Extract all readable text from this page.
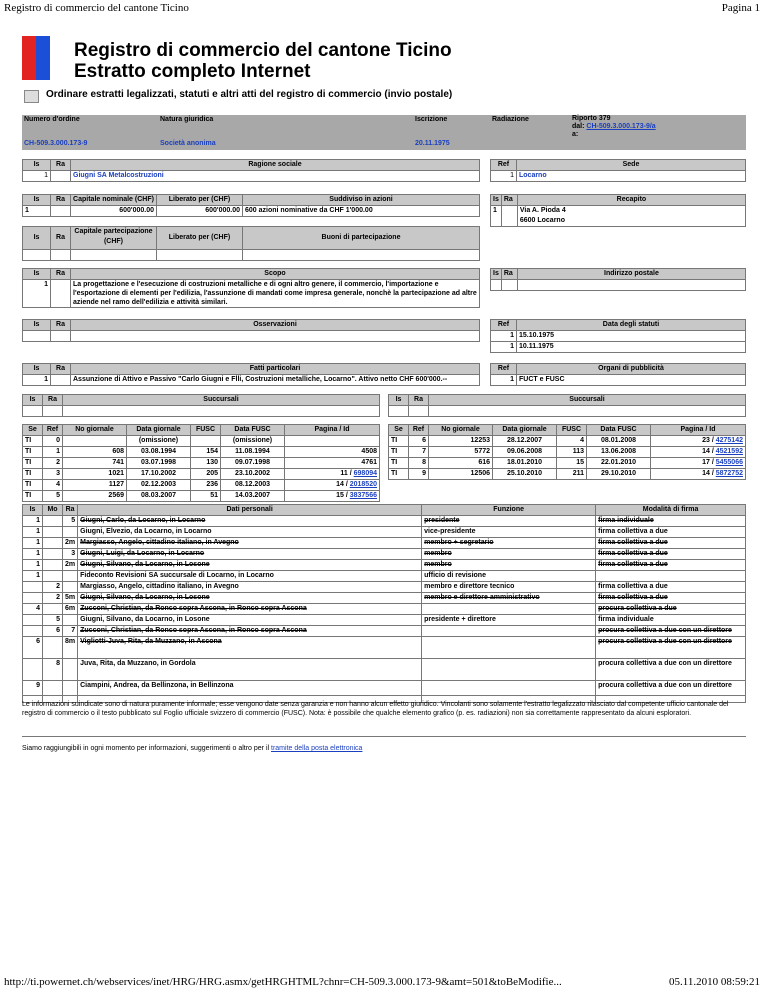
Registro di commercio del cantone Ticino	Pagina 1
Registro di commercio del cantone Ticino
Estratto completo Internet
Ordinare estratti legalizzati, statuti e altri atti del registro di commercio (invio postale)
Numero d'ordine	Natura giuridica	Iscrizione	Radiazione	Riporto 379
dal: CH-509.3.000.173-9/a
a:

CH-509.3.000.173-9	Società anonima	20.11.1975		
Is	Ra	Ragione sociale
1		Giugni SA Metalcostruzioni
Ref	Sede
1	Locarno
Is	Ra	Capitale nominale (CHF)	Liberato per (CHF)	Suddiviso in azioni
1		600'000.00	600'000.00	600 azioni nominative da CHF 1'000.00
Is	Ra	Recapito
1		Via A. Pioda 4
6600 Locarno
Is	Ra	Capitale partecipazione (CHF)	Liberato per (CHF)	Buoni di partecipazione

Is	Ra	Scopo
1		La progettazione e l'esecuzione di costruzioni metalliche e di ogni altro genere, il commercio, l'importazione e l'esportazione di elementi per l'edilizia, l'assunzione di mandati come impresa generale, nonchè la partecipazione ad altre aziende nel ramo dell'edilizia e attività similari.
Is	Ra	Indirizzo postale

Is	Ra	Osservazioni
			Ref	Data degli statuti
1	15.10.1975
1	10.11.1975
Is	Ra	Fatti particolari
1		Assunzione di Attivo e Passivo "Carlo Giugni e Flli, Costruzioni metalliche, Locarno". Attivo netto CHF 600'000.--
Ref	Organi di pubblicità
1	FUCT e FUSC
Is	Ra	Succursali
			Is	Ra	Succursali

Se	Ref	No giornale	Data giornale	FUSC	Data FUSC	Pagina / Id
TI	0		(omissione)		(omissione)	
TI	1	608	03.08.1994	154	11.08.1994	4508
TI	2	741	03.07.1998	130	09.07.1998	4761
TI	3	1021	17.10.2002	205	23.10.2002	11 / 698094
TI	4	1127	02.12.2003	236	08.12.2003	14 / 2018520
TI	5	2569	08.03.2007	51	14.03.2007	15 / 3837566
Se	Ref	No giornale	Data giornale	FUSC	Data FUSC	Pagina / Id
TI	6	12253	28.12.2007	4	08.01.2008	23 / 4275142
TI	7	5772	09.06.2008	113	13.06.2008	14 / 4521592
TI	8	616	18.01.2010	15	22.01.2010	17 / 5455066
TI	9	12506	25.10.2010	211	29.10.2010	14 / 5872752
Is	Mo	Ra	Dati personali	Funzione	Modalità di firma
1		5	Giugni, Carlo, da Locarno, in Locarno	presidente	firma individuale
1			Giugni, Elvezio, da Locarno, in Locarno	vice-presidente	firma collettiva a due
1		2m	Margiasso, Angelo, cittadino italiano, in Avegno	membro + segretario	firma collettiva a due
1		3	Giugni, Luigi, da Locarno, in Locarno	membro	firma collettiva a due
1		2m	Giugni, Silvano, da Locarno, in Losone	membro	firma collettiva a due
1			Fideconto Revisioni SA succursale di Locarno, in Locarno	ufficio di revisione	
	2		Margiasso, Angelo, cittadino italiano, in Avegno	membro e direttore tecnico	firma collettiva a due
	2	5m	Giugni, Silvano, da Locarno, in Losone	membro e direttore amministrativo	firma collettiva a due
4		6m	Zucconi, Christian, da Ronco sopra Ascona, in Ronco sopra Ascona		procura collettiva a due
	5		Giugni, Silvano, da Locarno, in Losone	presidente + direttore	firma individuale
	6	7	Zucconi, Christian, da Ronco sopra Ascona, in Ronco sopra Ascona		procura collettiva a due con un direttore
6		8m	Vigliotti-Juva, Rita, da Muzzano, in Ascona		procura collettiva a due con un direttore
	8		Juva, Rita, da Muzzano, in Gordola		procura collettiva a due con un direttore
9			Ciampini, Andrea, da Bellinzona, in Bellinzona		procura collettiva a due con un direttore
Le informazioni suindicate sono di natura puramente informale; esse vengono date senza garanzia e non hanno alcun effetto giuridico. Vincolanti sono solamente l'estratto legalizzato rilasciato dal competente ufficio cantonale del registro di commercio o il testo pubblicato sul Foglio ufficiale svizzero di commercio (FUSC). Nota: è possibile che qualche elemento grafico (p. es. radiazioni) non sia correttamente rappresentato da alcuni esploratori.
Siamo raggiungibili in ogni momento per informazioni, suggerimenti o altro per il tramite della posta elettronica
http://ti.powernet.ch/webservices/inet/HRG/HRG.asmx/getHRGHTML?chnr=CH-509.3.000.173-9&amt=501&toBeModifie...	05.11.2010 08:59:21
